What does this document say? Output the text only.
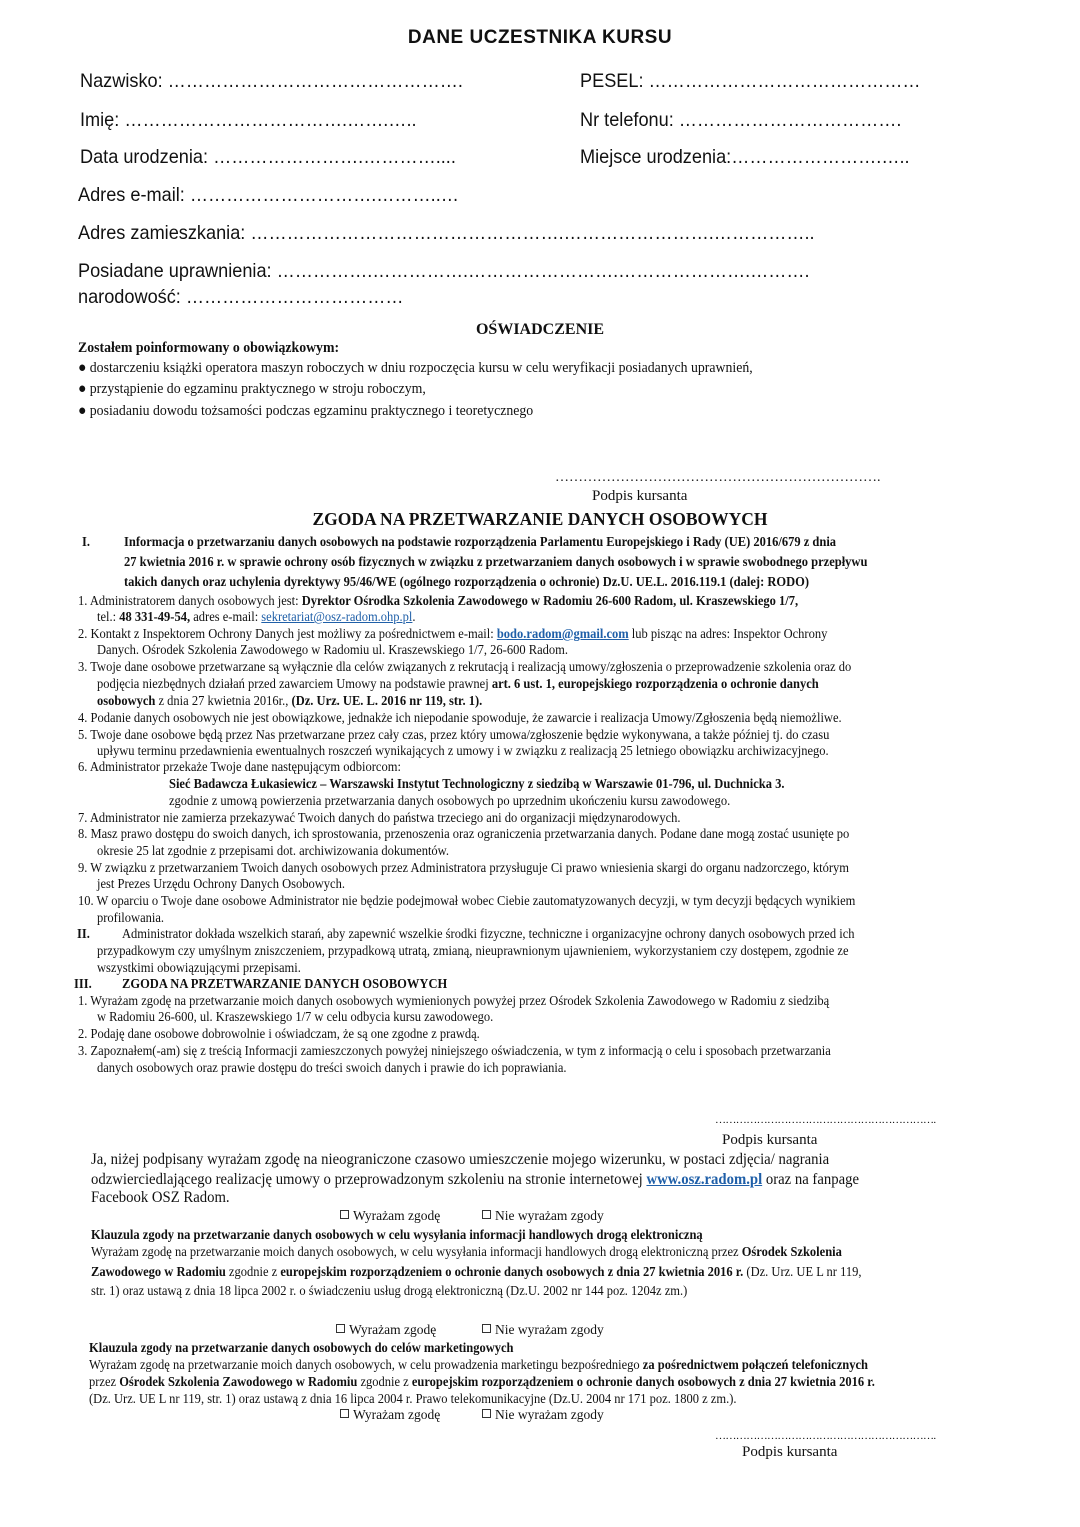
DANE UCZESTNIKA KURSU
Nazwisko: ………………………………………….	PESEL: ………………………………………
Imię: ……………………………….…….…..	Nr telefonu: ……………………………….
Data urodzenia: …………………….…………....	Miejsce urodzenia:…………………….…..
Adres e-mail: ………………………….………..…
Adres zamieszkania: …………………………………………….…………………….……………..
Posiadane uprawnienia: …………….…………….…………………….………………….……….
narodowość: ………………………………
OŚWIADCZENIE
Zostałem poinformowany o obowiązkowym:
● dostarczeniu książki operatora maszyn roboczych w dniu rozpoczęcia kursu w celu weryfikacji posiadanych uprawnień,
● przystąpienie do egzaminu praktycznego w stroju roboczym,
● posiadaniu dowodu tożsamości podczas egzaminu praktycznego i teoretycznego
…………………………………………………………….
Podpis kursanta
ZGODA NA PRZETWARZANIE DANYCH OSOBOWYCH
I. Informacja o przetwarzaniu danych osobowych na podstawie rozporządzenia Parlamentu Europejskiego i Rady (UE) 2016/679 z dnia
27 kwietnia 2016 r. w sprawie ochrony osób fizycznych w związku z przetwarzaniem danych osobowych i w sprawie swobodnego przepływu
takich danych oraz uchylenia dyrektywy 95/46/WE (ogólnego rozporządzenia o ochronie) Dz.U. UE.L. 2016.119.1 (dalej: RODO)
1. Administratorem danych osobowych jest: Dyrektor Ośrodka Szkolenia Zawodowego w Radomiu 26-600 Radom, ul. Kraszewskiego 1/7,
tel.: 48 331-49-54, adres e-mail: sekretariat@osz-radom.ohp.pl.
2. Kontakt z Inspektorem Ochrony Danych jest możliwy za pośrednictwem e-mail: bodo.radom@gmail.com lub pisząc na adres: Inspektor Ochrony
Danych. Ośrodek Szkolenia Zawodowego w Radomiu ul. Kraszewskiego 1/7, 26-600 Radom.
3. Twoje dane osobowe przetwarzane są wyłącznie dla celów związanych z rekrutacją i realizacją umowy/zgłoszenia o przeprowadzenie szkolenia oraz do
podjęcia niezbędnych działań przed zawarciem Umowy na podstawie prawnej art. 6 ust. 1, europejskiego rozporządzenia o ochronie danych
osobowych z dnia 27 kwietnia 2016r., (Dz. Urz. UE. L. 2016 nr 119, str. 1).
4. Podanie danych osobowych nie jest obowiązkowe, jednakże ich niepodanie spowoduje, że zawarcie i realizacja Umowy/Zgłoszenia będą niemożliwe.
5. Twoje dane osobowe będą przez Nas przetwarzane przez cały czas, przez który umowa/zgłoszenie będzie wykonywana, a także później tj. do czasu
upływu terminu przedawnienia ewentualnych roszczeń wynikających z umowy i w związku z realizacją 25 letniego obowiązku archiwizacyjnego.
6. Administrator przekaże Twoje dane następującym odbiorcom:
Sieć Badawcza Łukasiewicz – Warszawski Instytut Technologiczny z siedzibą w Warszawie 01-796, ul. Duchnicka 3.
zgodnie z umową powierzenia przetwarzania danych osobowych po uprzednim ukończeniu kursu zawodowego.
7. Administrator nie zamierza przekazywać Twoich danych do państwa trzeciego ani do organizacji międzynarodowych.
8. Masz prawo dostępu do swoich danych, ich sprostowania, przenoszenia oraz ograniczenia przetwarzania danych. Podane dane mogą zostać usunięte po
okresie 25 lat zgodnie z przepisami dot. archiwizowania dokumentów.
9. W związku z przetwarzaniem Twoich danych osobowych przez Administratora przysługuje Ci prawo wniesienia skargi do organu nadzorczego, którym
jest Prezes Urzędu Ochrony Danych Osobowych.
10. W oparciu o Twoje dane osobowe Administrator nie będzie podejmował wobec Ciebie zautomatyzowanych decyzji, w tym decyzji będących wynikiem
profilowania.
II. Administrator dokłada wszelkich starań, aby zapewnić wszelkie środki fizyczne, techniczne i organizacyjne ochrony danych osobowych przed ich
przypadkowym czy umyślnym zniszczeniem, przypadkową utratą, zmianą, nieuprawnionym ujawnieniem, wykorzystaniem czy dostępem, zgodnie ze
wszystkimi obowiązującymi przepisami.
III. ZGODA NA PRZETWARZANIE DANYCH OSOBOWYCH
1. Wyrażam zgodę na przetwarzanie moich danych osobowych wymienionych powyżej przez Ośrodek Szkolenia Zawodowego w Radomiu z siedzibą
w Radomiu 26-600, ul. Kraszewskiego 1/7 w celu odbycia kursu zawodowego.
2. Podaję dane osobowe dobrowolnie i oświadczam, że są one zgodne z prawdą.
3. Zapoznałem(-am) się z treścią Informacji zamieszczonych powyżej niniejszego oświadczenia, w tym z informacją o celu i sposobach przetwarzania
danych osobowych oraz prawie dostępu do treści swoich danych i prawie do ich poprawiania.
……………………………………………………….
Podpis kursanta
Ja, niżej podpisany wyrażam zgodę na nieograniczone czasowo umieszczenie mojego wizerunku, w postaci zdjęcia/ nagrania
odzwierciedlającego realizację umowy o przeprowadzonym szkoleniu na stronie internetowej www.osz.radom.pl oraz na fanpage
Facebook OSZ Radom.
Wyrażam zgodę	Nie wyrażam zgody
Klauzula zgody na przetwarzanie danych osobowych w celu wysyłania informacji handlowych drogą elektroniczną
Wyrażam zgodę na przetwarzanie moich danych osobowych, w celu wysyłania informacji handlowych drogą elektroniczną przez Ośrodek Szkolenia
Zawodowego w Radomiu zgodnie z europejskim rozporządzeniem o ochronie danych osobowych z dnia 27 kwietnia 2016 r. (Dz. Urz. UE L nr 119,
str. 1) oraz ustawą z dnia 18 lipca 2002 r. o świadczeniu usług drogą elektroniczną (Dz.U. 2002 nr 144 poz. 1204z zm.)
Wyrażam zgodę	Nie wyrażam zgody
Klauzula zgody na przetwarzanie danych osobowych do celów marketingowych
Wyrażam zgodę na przetwarzanie moich danych osobowych, w celu prowadzenia marketingu bezpośredniego za pośrednictwem połączeń telefonicznych
przez Ośrodek Szkolenia Zawodowego w Radomiu zgodnie z europejskim rozporządzeniem o ochronie danych osobowych z dnia 27 kwietnia 2016 r.
(Dz. Urz. UE L nr 119, str. 1) oraz ustawą z dnia 16 lipca 2004 r. Prawo telekomunikacyjne (Dz.U. 2004 nr 171 poz. 1800 z zm.).
Wyrażam zgodę	Nie wyrażam zgody
……………………………………………………….
Podpis kursanta
